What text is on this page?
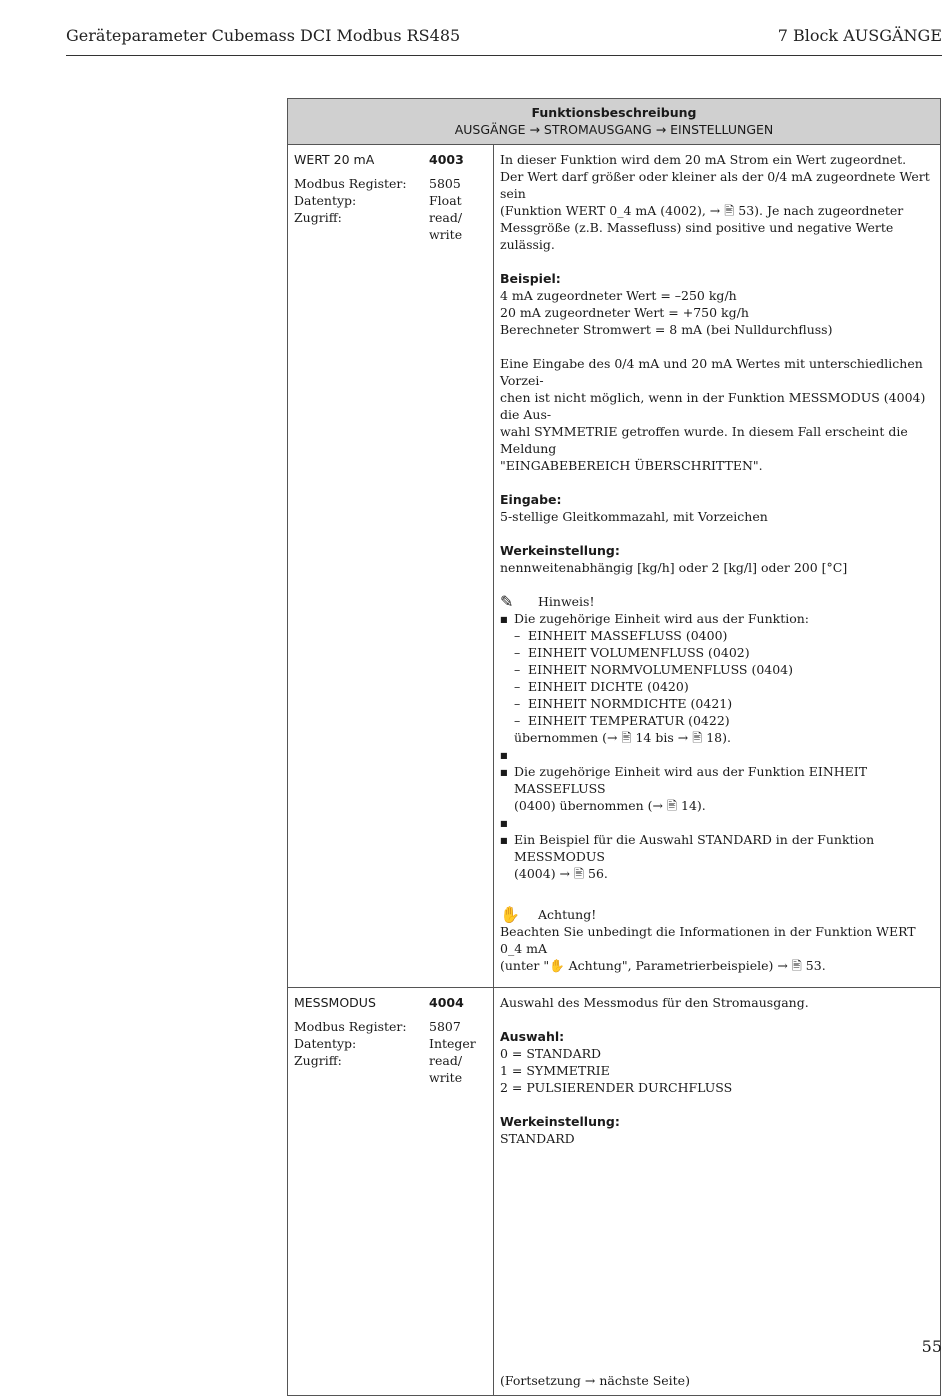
Geräteparameter Cubemass DCI Modbus RS485	7 Block AUSGÄNGE
Funktionsbeschreibung
AUSGÄNGE → STROMAUSGANG → EINSTELLUNGEN
WERT 20 mA	4003
Modbus Register:	5805
Datentyp:	Float
Zugriff:	read/
write
In dieser Funktion wird dem 20 mA Strom ein Wert zugeordnet.
Der Wert darf größer oder kleiner als der 0/4 mA zugeordnete Wert sein
(Funktion WERT 0_4 mA (4002), → 🖹 53). Je nach zugeordneter
Messgröße (z.B. Massefluss) sind positive und negative Werte zulässig.
Beispiel:
4 mA zugeordneter Wert = –250 kg/h
20 mA zugeordneter Wert = +750 kg/h
Berechneter Stromwert = 8 mA (bei Nulldurchfluss)
Eine Eingabe des 0/4 mA und 20 mA Wertes mit unterschiedlichen Vorzei-
chen ist nicht möglich, wenn in der Funktion MESSMODUS (4004) die Aus-
wahl SYMMETRIE getroffen wurde. In diesem Fall erscheint die Meldung
"EINGABEBEREICH ÜBERSCHRITTEN".
Eingabe:
5-stellige Gleitkommazahl, mit Vorzeichen
Werkeinstellung:
nennweitenabhängig [kg/h] oder 2 [kg/l] oder 200 [°C]
✎	Hinweis!
■ Die zugehörige Einheit wird aus der Funktion:
– EINHEIT MASSEFLUSS (0400)
– EINHEIT VOLUMENFLUSS (0402)
– EINHEIT NORMVOLUMENFLUSS (0404)
– EINHEIT DICHTE (0420)
– EINHEIT NORMDICHTE (0421)
– EINHEIT TEMPERATUR (0422)
übernommen (→ 🖹 14 bis → 🖹 18).
■
■ Die zugehörige Einheit wird aus der Funktion EINHEIT MASSEFLUSS
(0400) übernommen (→ 🖹 14).
■
■ Ein Beispiel für die Auswahl STANDARD in der Funktion MESSMODUS
(4004) → 🖹 56.
✋	Achtung!
Beachten Sie unbedingt die Informationen in der Funktion WERT 0_4 mA
(unter "✋ Achtung", Parametrierbeispiele) → 🖹 53.
MESSMODUS	4004
Modbus Register:	5807
Datentyp:	Integer
Zugriff:	read/
write
Auswahl des Messmodus für den Stromausgang.
Auswahl:
0 = STANDARD
1 = SYMMETRIE
2 = PULSIERENDER DURCHFLUSS
Werkeinstellung:
STANDARD
(Fortsetzung → nächste Seite)
55
